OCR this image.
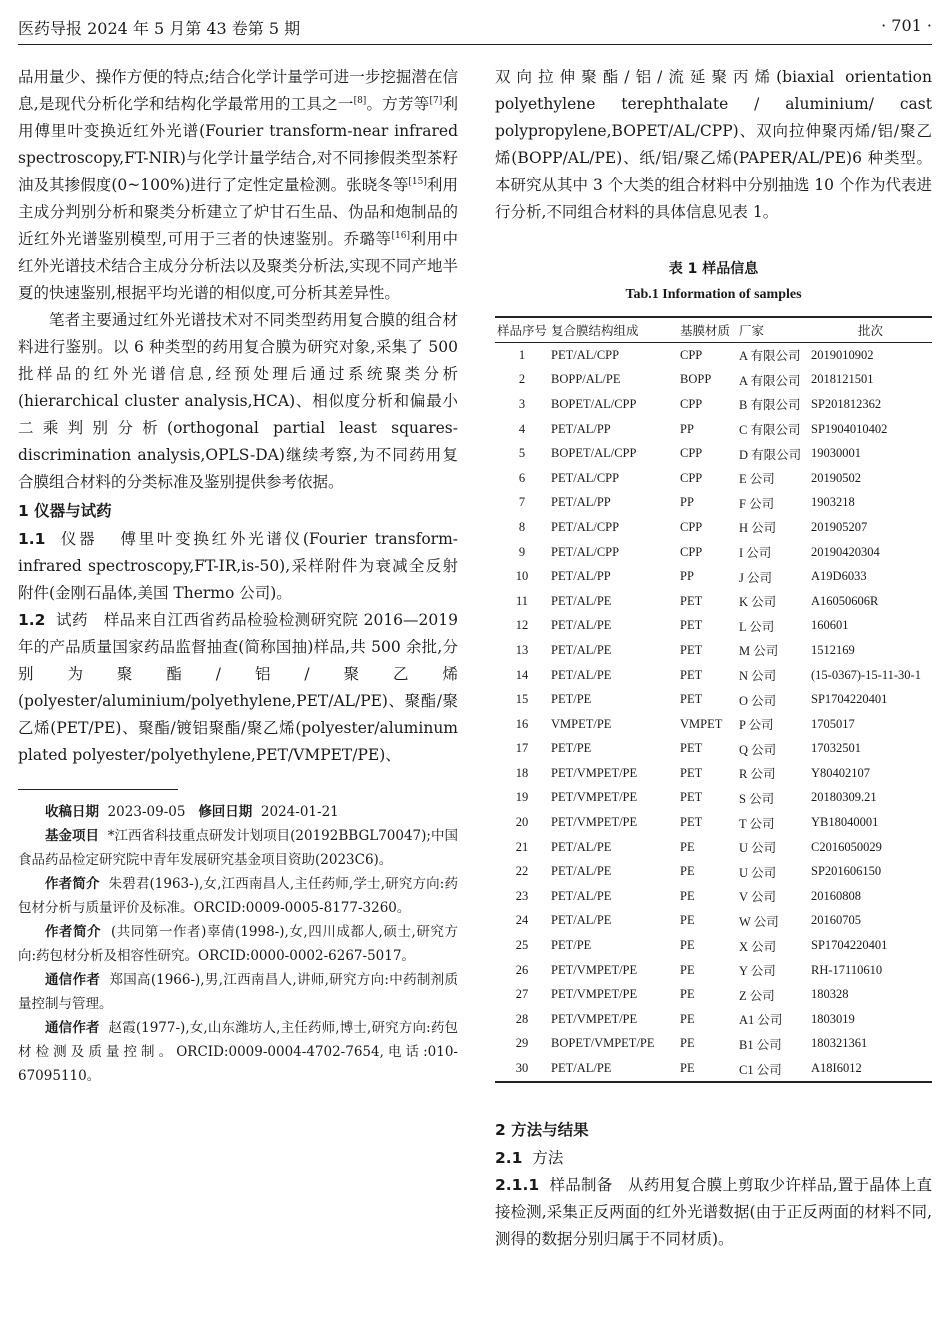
医药导报 2024 年 5 月第 43 卷第 5 期	· 701 ·

品用量少、操作方便的特点;结合化学计量学可进一步挖掘潜在信息,是现代分析化学和结构化学最常用的工具之一[8]。方芳等[7]利用傅里叶变换近红外光谱(Fourier transform-near infrared spectroscopy,FT-NIR)与化学计量学结合,对不同掺假类型茶籽油及其掺假度(0~100%)进行了定性定量检测。张晓冬等[15]利用主成分判别分析和聚类分析建立了炉甘石生品、伪品和炮制品的近红外光谱鉴别模型,可用于三者的快速鉴别。乔璐等[16]利用中红外光谱技术结合主成分分析法以及聚类分析法,实现不同产地半夏的快速鉴别,根据平均光谱的相似度,可分析其差异性。

笔者主要通过红外光谱技术对不同类型药用复合膜的组合材料进行鉴别。以 6 种类型的药用复合膜为研究对象,采集了 500 批样品的红外光谱信息,经预处理后通过系统聚类分析(hierarchical cluster analysis,HCA)、相似度分析和偏最小二乘判别分析(orthogonal partial least squares-discrimination analysis,OPLS-DA)继续考察,为不同药用复合膜组合材料的分类标准及鉴别提供参考依据。

1 仪器与试药

1.1 仪器 傅里叶变换红外光谱仪(Fourier transform-infrared spectroscopy,FT-IR,is-50),采样附件为衰减全反射附件(金刚石晶体,美国 Thermo 公司)。

1.2 试药 样品来自江西省药品检验检测研究院 2016—2019 年的产品质量国家药品监督抽查(简称国抽)样品,共 500 余批,分别为聚酯/铝/聚乙烯(polyester/aluminium/polyethylene,PET/AL/PE)、聚酯/聚乙烯(PET/PE)、聚酯/镀铝聚酯/聚乙烯(polyester/aluminum plated polyester/polyethylene,PET/VMPET/PE)、

收稿日期 2023-09-05 修回日期 2024-01-21

基金项目 *江西省科技重点研发计划项目(20192BBGL70047);中国食品药品检定研究院中青年发展研究基金项目资助(2023C6)。

作者简介 朱碧君(1963-),女,江西南昌人,主任药师,学士,研究方向:药包材分析与质量评价及标准。ORCID:0009-0005-8177-3260。

作者简介 (共同第一作者)辜倩(1998-),女,四川成都人,硕士,研究方向:药包材分析及相容性研究。ORCID:0000-0002-6267-5017。

通信作者 郑国高(1966-),男,江西南昌人,讲师,研究方向:中药制剂质量控制与管理。

通信作者 赵霞(1977-),女,山东潍坊人,主任药师,博士,研究方向:药包材检测及质量控制。ORCID:0009-0004-4702-7654,电话:010-67095110。

双向拉伸聚酯/铝/流延聚丙烯(biaxial orientation polyethylene terephthalate / aluminium/ cast polypropylene,BOPET/AL/CPP)、双向拉伸聚丙烯/铝/聚乙烯(BOPP/AL/PE)、纸/铝/聚乙烯(PAPER/AL/PE)6 种类型。本研究从其中 3 个大类的组合材料中分别抽选 10 个作为代表进行分析,不同组合材料的具体信息见表 1。

表 1 样品信息

Tab.1 Information of samples

样品序号	复合膜结构组成	基膜材质	厂家	批次
1	PET/AL/CPP	CPP	A 有限公司	2019010902
2	BOPP/AL/PE	BOPP	A 有限公司	2018121501
3	BOPET/AL/CPP	CPP	B 有限公司	SP201812362
4	PET/AL/PP	PP	C 有限公司	SP1904010402
5	BOPET/AL/CPP	CPP	D 有限公司	19030001
6	PET/AL/CPP	CPP	E 公司	20190502
7	PET/AL/PP	PP	F 公司	1903218
8	PET/AL/CPP	CPP	H 公司	201905207
9	PET/AL/CPP	CPP	I 公司	20190420304
10	PET/AL/PP	PP	J 公司	A19D6033
11	PET/AL/PE	PET	K 公司	A16050606R
12	PET/AL/PE	PET	L 公司	160601
13	PET/AL/PE	PET	M 公司	1512169
14	PET/AL/PE	PET	N 公司	(15-0367)-15-11-30-1
15	PET/PE	PET	O 公司	SP1704220401
16	VMPET/PE	VMPET	P 公司	1705017
17	PET/PE	PET	Q 公司	17032501
18	PET/VMPET/PE	PET	R 公司	Y80402107
19	PET/VMPET/PE	PET	S 公司	20180309.21
20	PET/VMPET/PE	PET	T 公司	YB18040001
21	PET/AL/PE	PE	U 公司	C2016050029
22	PET/AL/PE	PE	U 公司	SP201606150
23	PET/AL/PE	PE	V 公司	20160808
24	PET/AL/PE	PE	W 公司	20160705
25	PET/PE	PE	X 公司	SP1704220401
26	PET/VMPET/PE	PE	Y 公司	RH-17110610
27	PET/VMPET/PE	PE	Z 公司	180328
28	PET/VMPET/PE	PE	A1 公司	1803019
29	BOPET/VMPET/PE	PE	B1 公司	180321361
30	PET/AL/PE	PE	C1 公司	A18I6012

2 方法与结果

2.1 方法

2.1.1 样品制备 从药用复合膜上剪取少许样品,置于晶体上直接检测,采集正反两面的红外光谱数据(由于正反两面的材料不同,测得的数据分别归属于不同材质)。
